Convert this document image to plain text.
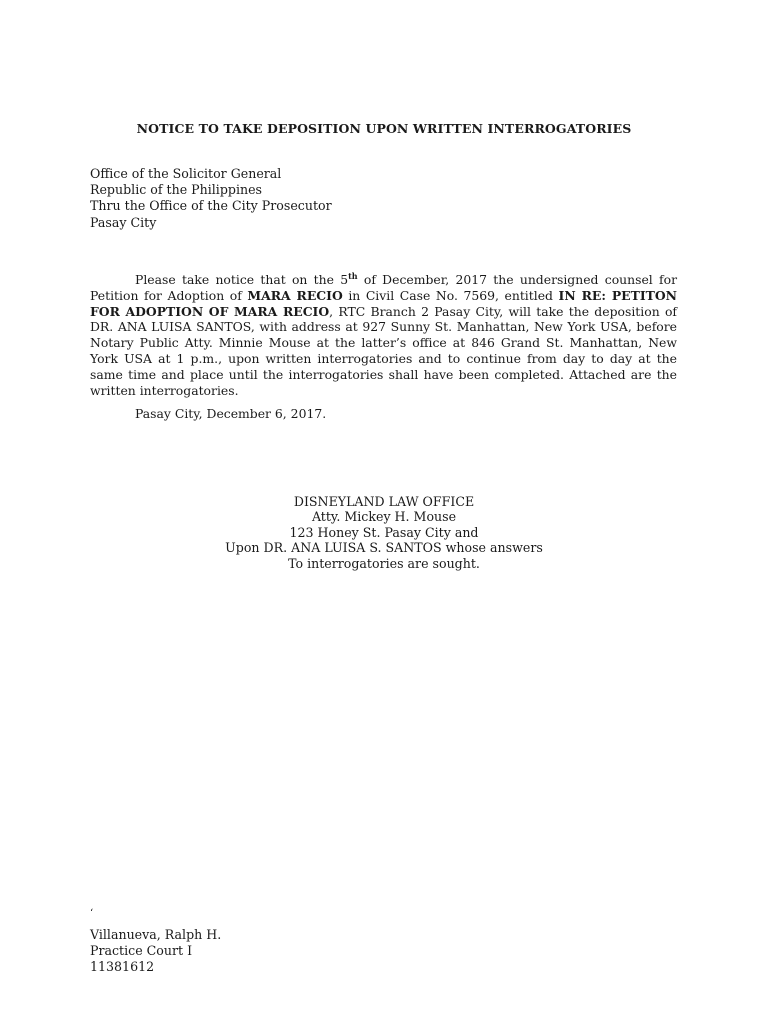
NOTICE TO TAKE DEPOSITION UPON WRITTEN INTERROGATORIES
Office of the Solicitor General
Republic of the Philippines
Thru the Office of the City Prosecutor
Pasay City
Please take notice that on the 5th of December, 2017 the undersigned counsel for Petition for Adoption of MARA RECIO in Civil Case No. 7569, entitled IN RE: PETITON FOR ADOPTION OF MARA RECIO, RTC Branch 2 Pasay City, will take the deposition of DR. ANA LUISA SANTOS, with address at 927 Sunny St. Manhattan, New York USA, before Notary Public Atty. Minnie Mouse at the latter’s office at 846 Grand St. Manhattan, New York USA at 1 p.m., upon written interrogatories and to continue from day to day at the same time and place until the interrogatories shall have been completed. Attached are the written interrogatories.
Pasay City, December 6, 2017.
DISNEYLAND LAW OFFICE
Atty. Mickey H. Mouse
123 Honey St. Pasay City and
Upon DR. ANA LUISA S. SANTOS whose answers
To interrogatories are sought.
‘
Villanueva, Ralph H.
Practice Court I
11381612
